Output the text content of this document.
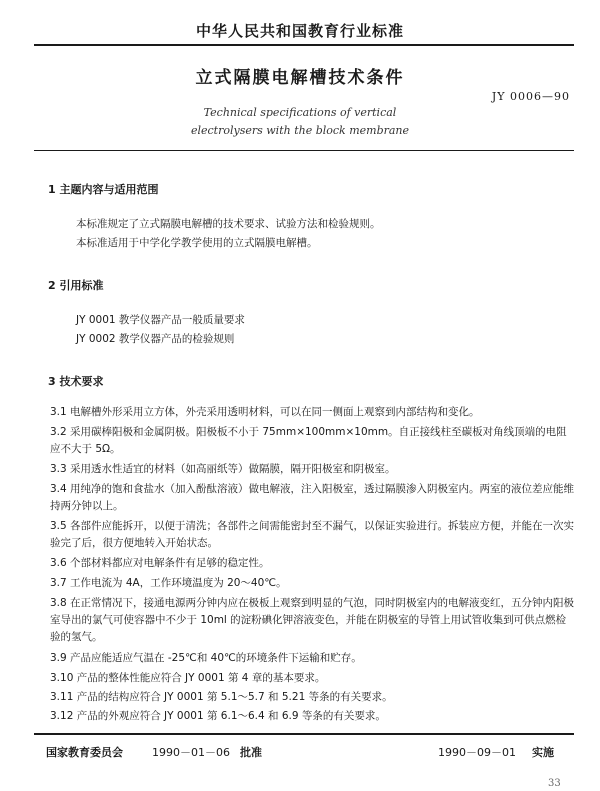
中华人民共和国教育行业标准
立式隔膜电解槽技术条件
JY 0006—90
Technical specifications of vertical
electrolysers with the block membrane
1 主题内容与适用范围
本标准规定了立式隔膜电解槽的技术要求、试验方法和检验规则。
本标准适用于中学化学教学使用的立式隔膜电解槽。
2 引用标准
JY 0001 教学仪器产品一般质量要求
JY 0002 教学仪器产品的检验规则
3 技术要求
3.1 电解槽外形采用立方体，外壳采用透明材料，可以在同一侧面上观察到内部结构和变化。
3.2 采用碳棒阳极和金属阴极。阳极板不小于 75mm×100mm×10mm。自正接线柱至碳板对角线顶端的电阻应不大于 5Ω。
3.3 采用透水性适宜的材料（如高丽纸等）做隔膜，隔开阳极室和阴极室。
3.4 用纯净的饱和食盐水（加入酚酞溶液）做电解液，注入阳极室，透过隔膜渗入阴极室内。两室的液位差应能维持两分钟以上。
3.5 各部件应能拆开，以便于清洗；各部件之间需能密封至不漏气，以保证实验进行。拆装应方便，并能在一次实验完了后，很方便地转入开始状态。
3.6 个部材料都应对电解条件有足够的稳定性。
3.7 工作电流为 4A，工作环境温度为 20～40℃。
3.8 在正常情况下，接通电源两分钟内应在极板上观察到明显的气泡，同时阴极室内的电解液变红，五分钟内阳极室导出的氯气可使容器中不少于 10ml 的淀粉碘化钾溶液变色，并能在阴极室的导管上用试管收集到可供点燃检验的氢气。
3.9 产品应能适应气温在 -25℃和 40℃的环境条件下运输和贮存。
3.10 产品的整体性能应符合 JY 0001 第 4 章的基本要求。
3.11 产品的结构应符合 JY 0001 第 5.1～5.7 和 5.21 等条的有关要求。
3.12 产品的外观应符合 JY 0001 第 6.1～6.4 和 6.9 等条的有关要求。
国家教育委员会	1990－01－06 批准	1990－09－01 实施
33
